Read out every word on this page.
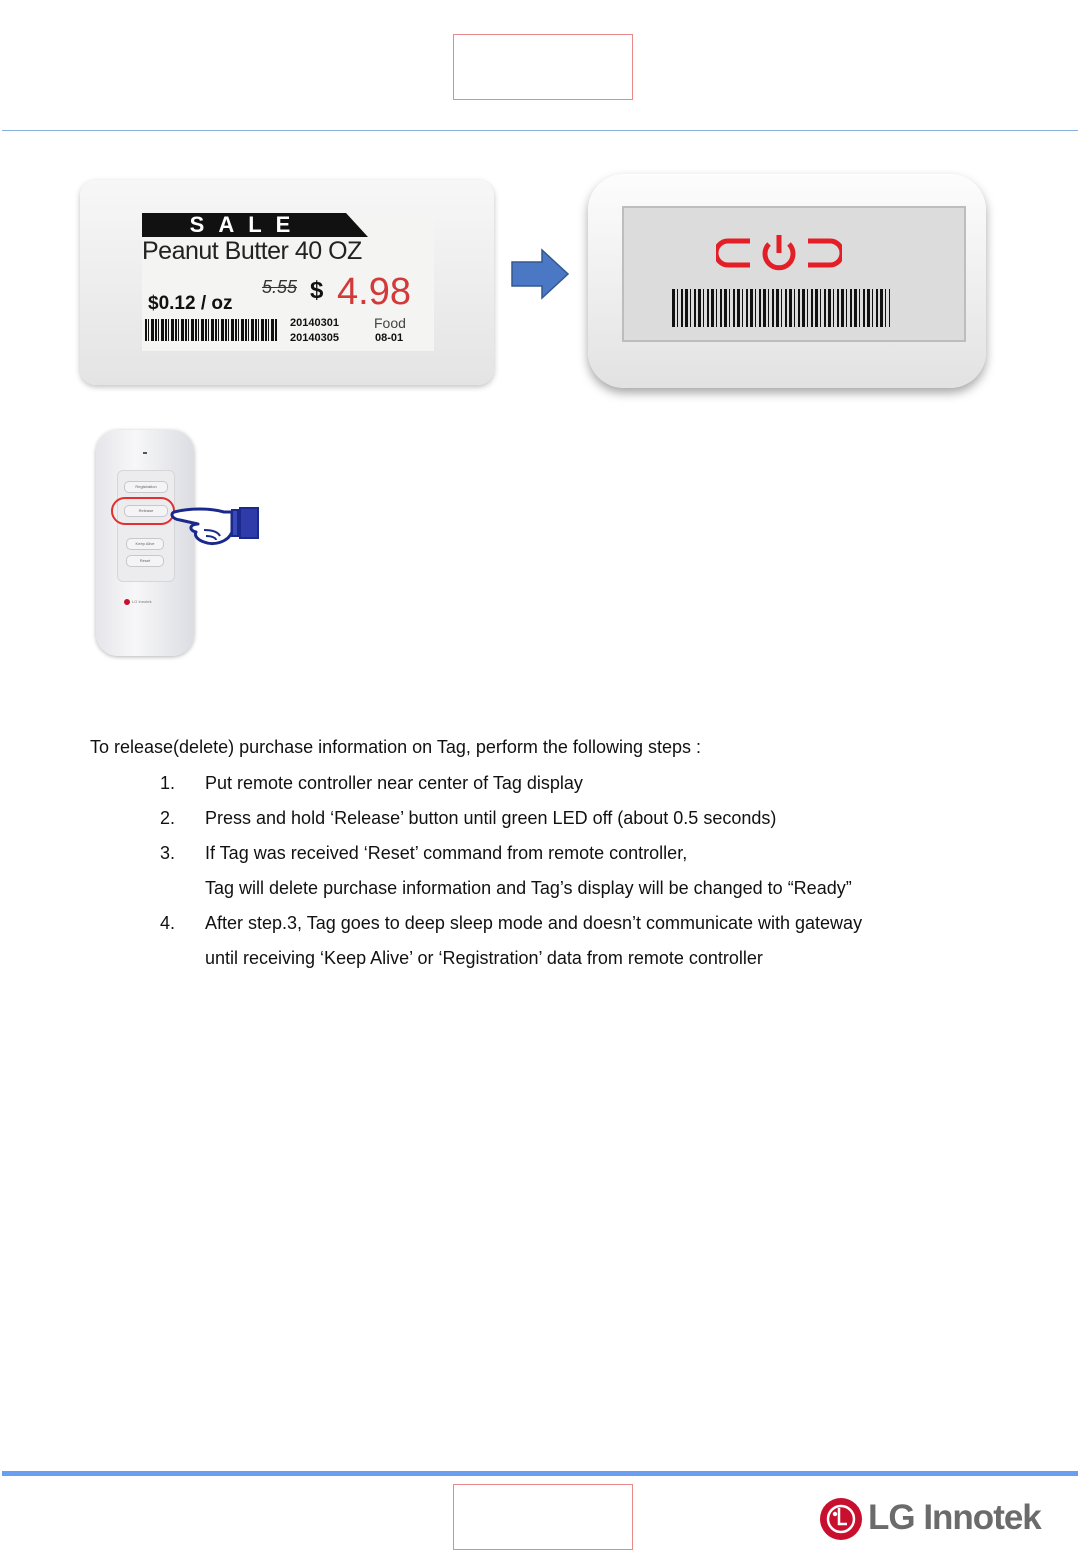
SALE
Peanut Butter 40 OZ
$0.12 / oz
5.55 $ 4.98
20140301
20140305
Food
08-01
Registration
Release
Keep Alive
Reset
LG Innotek
To release(delete) purchase information on Tag, perform the following steps :
1. Put remote controller near center of Tag display
2. Press and hold ‘Release’ button until green LED off (about 0.5 seconds)
3. If Tag was received ‘Reset’ command from remote controller,
Tag will delete purchase information and Tag’s display will be changed to “Ready”
4. After step.3, Tag goes to deep sleep mode and doesn’t communicate with gateway
until receiving ‘Keep Alive’ or ‘Registration’ data from remote controller
LG Innotek
